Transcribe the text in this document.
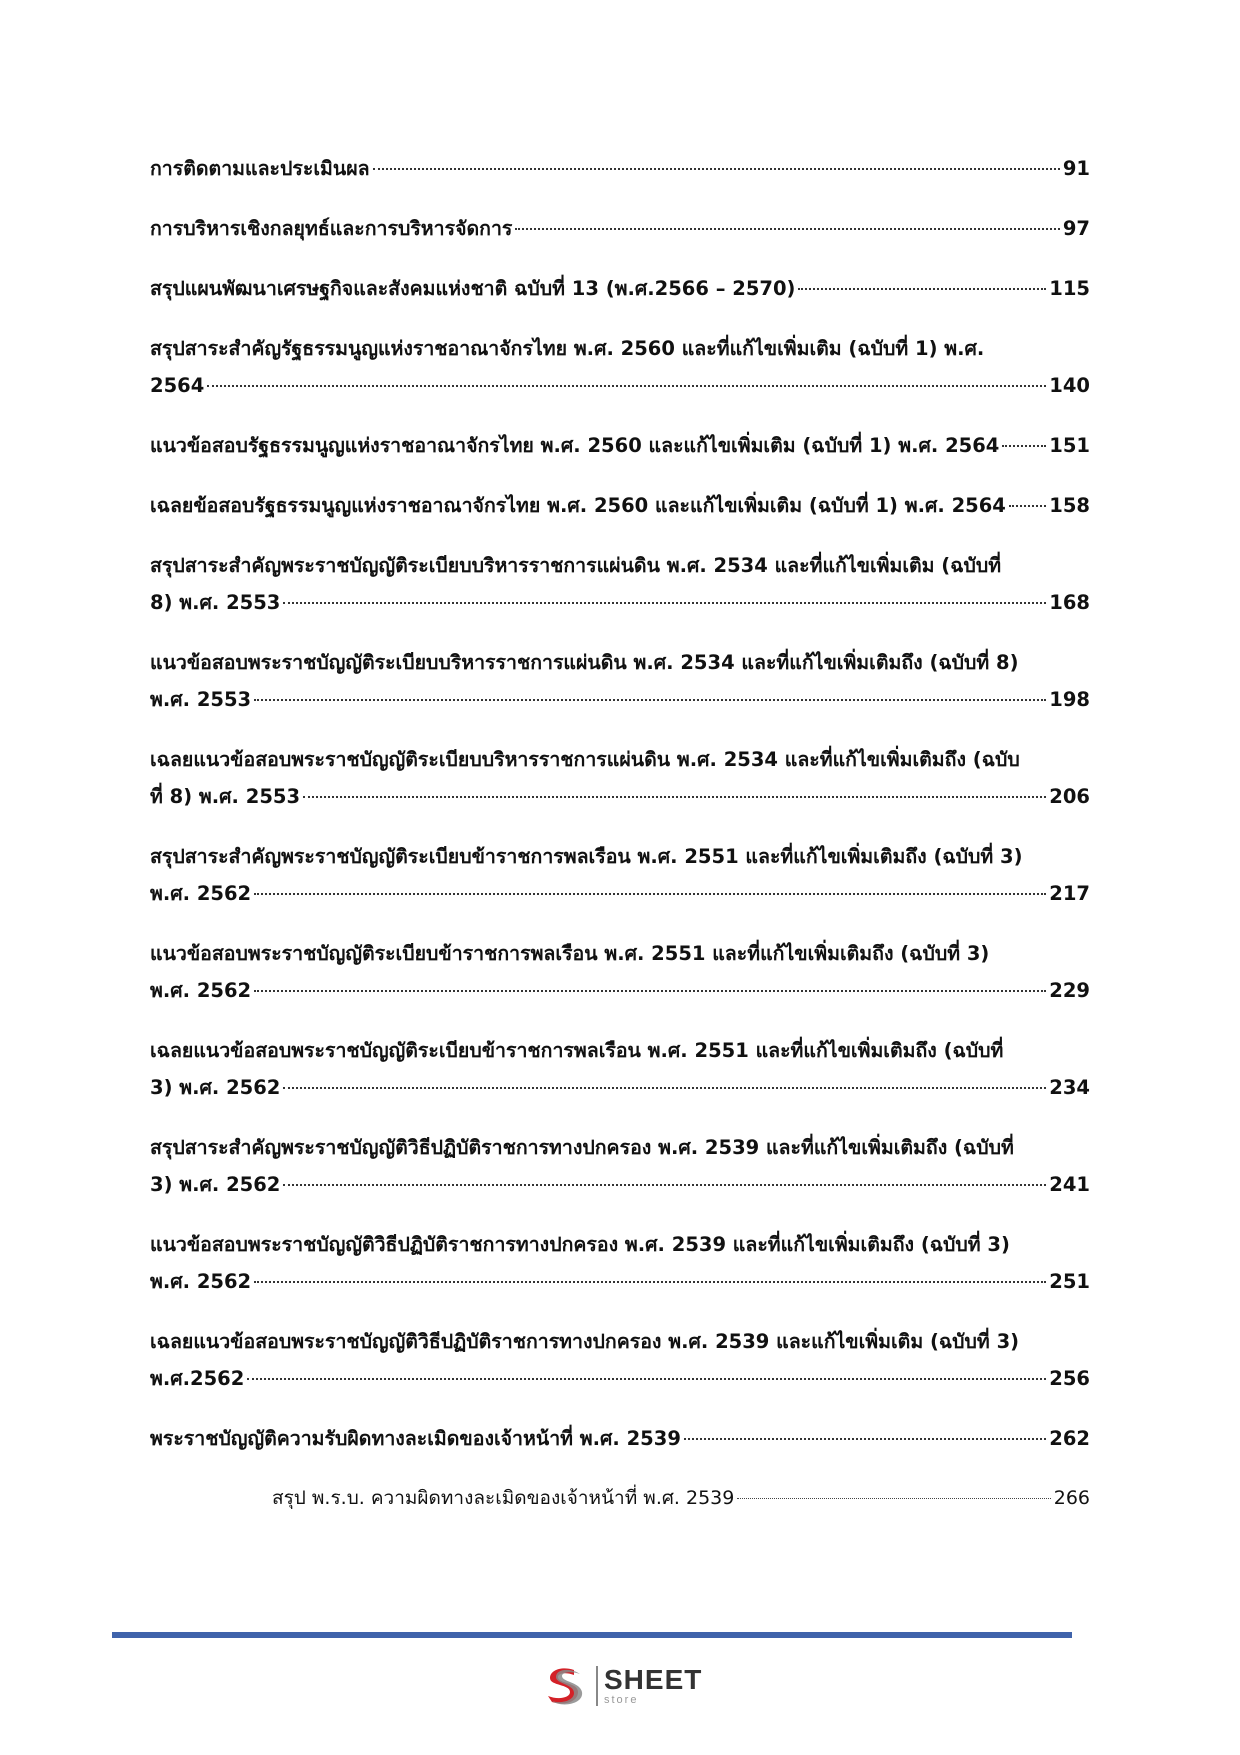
การติดตามและประเมินผล	91
การบริหารเชิงกลยุทธ์และการบริหารจัดการ	97
สรุปแผนพัฒนาเศรษฐกิจและสังคมแห่งชาติ ฉบับที่ 13 (พ.ศ.2566 – 2570)	115
สรุปสาระสำคัญรัฐธรรมนูญแห่งราชอาณาจักรไทย พ.ศ. 2560 และที่แก้ไขเพิ่มเติม (ฉบับที่ 1) พ.ศ.
2564	140
แนวข้อสอบรัฐธรรมนูญแห่งราชอาณาจักรไทย พ.ศ. 2560 และแก้ไขเพิ่มเติม (ฉบับที่ 1) พ.ศ. 2564	151
เฉลยข้อสอบรัฐธรรมนูญแห่งราชอาณาจักรไทย พ.ศ. 2560 และแก้ไขเพิ่มเติม (ฉบับที่ 1) พ.ศ. 2564 158
สรุปสาระสำคัญพระราชบัญญัติระเบียบบริหารราชการแผ่นดิน พ.ศ. 2534 และที่แก้ไขเพิ่มเติม (ฉบับที่
8) พ.ศ. 2553	168
แนวข้อสอบพระราชบัญญัติระเบียบบริหารราชการแผ่นดิน พ.ศ. 2534 และที่แก้ไขเพิ่มเติมถึง (ฉบับที่ 8)
พ.ศ. 2553	198
เฉลยแนวข้อสอบพระราชบัญญัติระเบียบบริหารราชการแผ่นดิน พ.ศ. 2534 และที่แก้ไขเพิ่มเติมถึง (ฉบับ
ที่ 8) พ.ศ. 2553	206
สรุปสาระสำคัญพระราชบัญญัติระเบียบข้าราชการพลเรือน พ.ศ. 2551 และที่แก้ไขเพิ่มเติมถึง (ฉบับที่ 3)
พ.ศ. 2562	217
แนวข้อสอบพระราชบัญญัติระเบียบข้าราชการพลเรือน พ.ศ. 2551 และที่แก้ไขเพิ่มเติมถึง (ฉบับที่ 3)
พ.ศ. 2562	229
เฉลยแนวข้อสอบพระราชบัญญัติระเบียบข้าราชการพลเรือน พ.ศ. 2551 และที่แก้ไขเพิ่มเติมถึง (ฉบับที่
3) พ.ศ. 2562	234
สรุปสาระสำคัญพระราชบัญญัติวิธีปฏิบัติราชการทางปกครอง พ.ศ. 2539 และที่แก้ไขเพิ่มเติมถึง (ฉบับที่
3) พ.ศ. 2562	241
แนวข้อสอบพระราชบัญญัติวิธีปฏิบัติราชการทางปกครอง พ.ศ. 2539 และที่แก้ไขเพิ่มเติมถึง (ฉบับที่ 3)
พ.ศ. 2562	251
เฉลยแนวข้อสอบพระราชบัญญัติวิธีปฏิบัติราชการทางปกครอง พ.ศ. 2539 และแก้ไขเพิ่มเติม (ฉบับที่ 3)
พ.ศ.2562	256
พระราชบัญญัติความรับผิดทางละเมิดของเจ้าหน้าที่ พ.ศ. 2539	262
สรุป พ.ร.บ. ความผิดทางละเมิดของเจ้าหน้าที่ พ.ศ. 2539	266
SHEET
store
